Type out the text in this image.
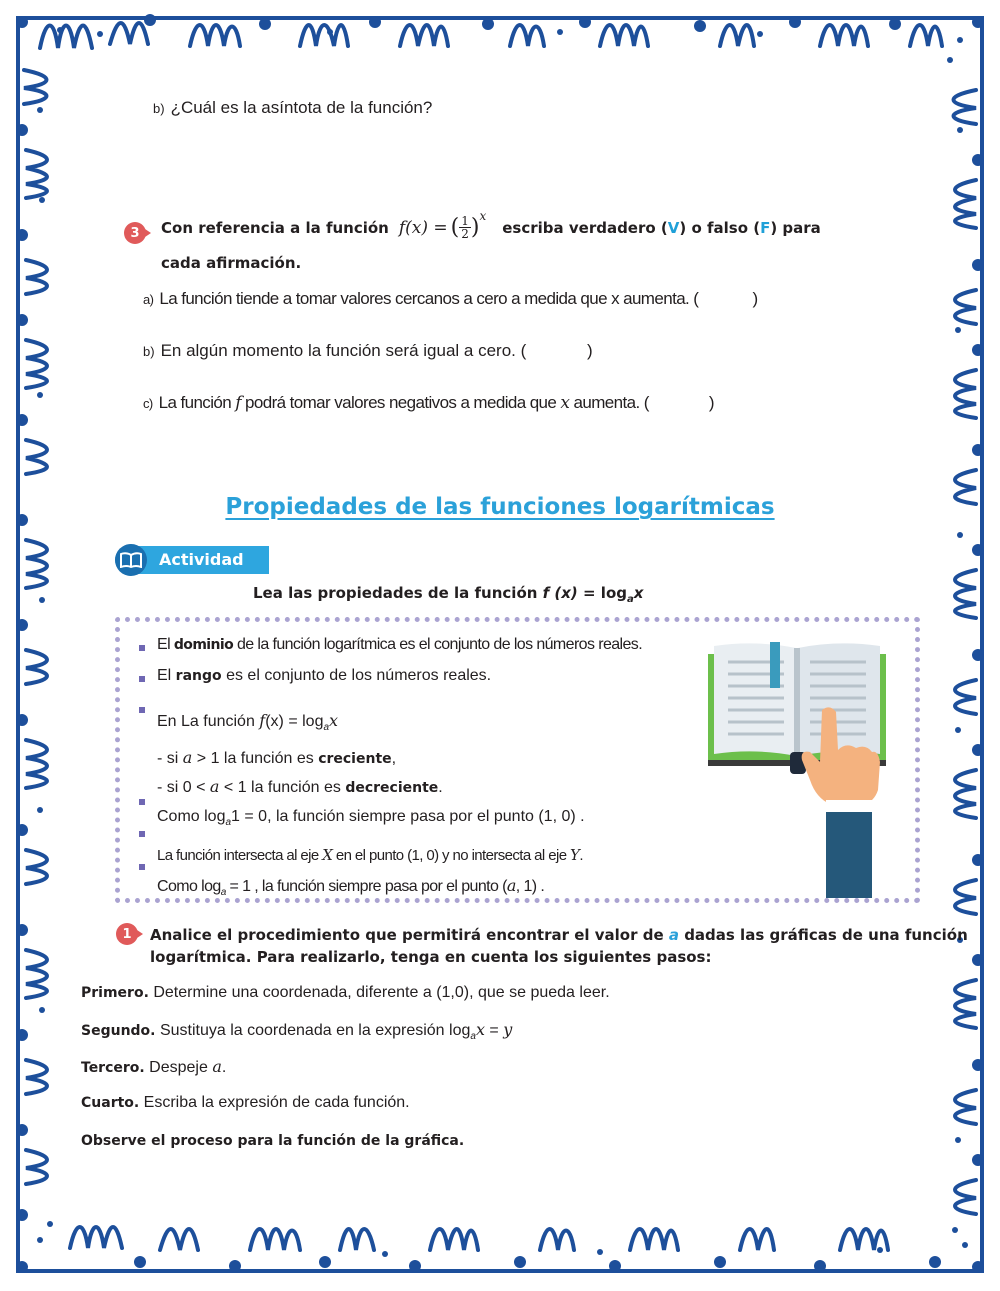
b) ¿Cuál es la asíntota de la función?
3 Con referencia a la función f(x) = ( $\frac{1}{2}$ ) x
escriba verdadero ( V ) o falso ( F ) para
cada afirmación.
a) La función tiende a tomar valores cercanos a cero a medida que x aumenta. (	)
b) En algún momento la función será igual a cero. (	)
c) La función f podrá tomar valores negativos a medida que x aumenta. (	)
Propiedades de las funciones logarítmicas
Actividad
Lea las propiedades de la función f $(x) = \log_ax$
El dominio de la función logarítmica es el conjunto de los números reales.
El rango es el conjunto de los números reales.
En La función $f(x) = \log_ax$
- si a > 1 la función es creciente,
- si 0 < a < 1 la función es decreciente.
Como $\log_a1 = 0$, la función siempre pasa por el punto (1, 0) .
La función intersecta al eje X en el punto (1, 0) y no intersecta al eje Y.
Como $\log_a = 1$ , la función siempre pasa por el punto (a, 1) .
1 Analice el procedimiento que permitirá encontrar el valor de a dadas las gráficas de una función
logarítmica. Para realizarlo, tenga en cuenta los siguientes pasos:
Primero. Determine una coordenada, diferente a (1,0), que se pueda leer.
Segundo. Sustituya la coordenada en la expresión $\log_ax = y$
Tercero. Despeje a.
Cuarto. Escriba la expresión de cada función.
Observe el proceso para la función de la gráfica.
